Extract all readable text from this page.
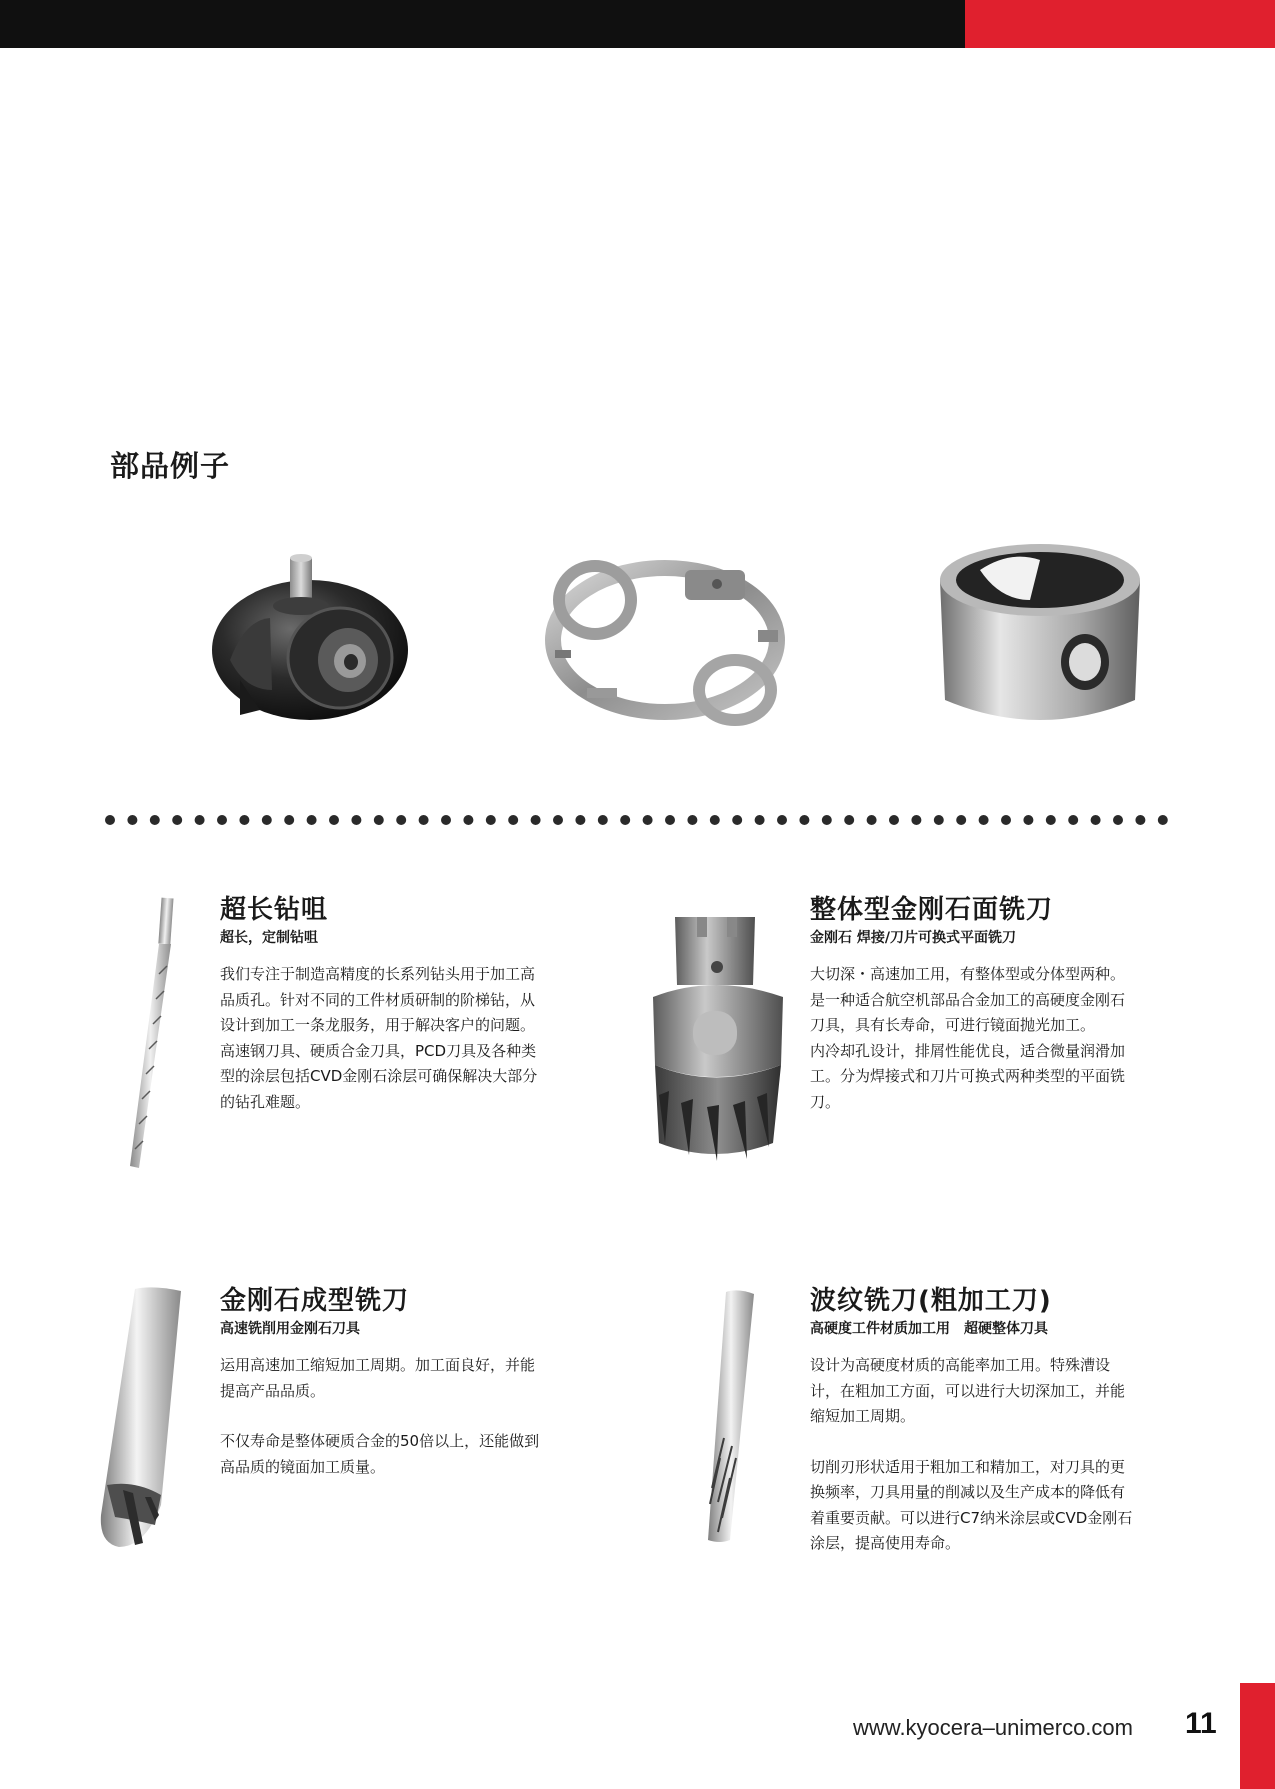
部品例子
超长钻咀
超长，定制钻咀

我们专注于制造高精度的长系列钻头用于加工高

品质孔。针对不同的工件材质研制的阶梯钻，从

设计到加工一条龙服务，用于解决客户的问题。

高速钢刀具、硬质合金刀具，PCD刀具及各种类

型的涂层包括CVD金刚石涂层可确保解决大部分

的钻孔难题。

整体型金刚石面铣刀
金刚石 焊接/刀片可换式平面铣刀

大切深・高速加工用，有整体型或分体型两种。

是一种适合航空机部品合金加工的高硬度金刚石

刀具，具有长寿命，可进行镜面抛光加工。

内冷却孔设计，排屑性能优良，适合微量润滑加

工。分为焊接式和刀片可换式两种类型的平面铣

刀。

金刚石成型铣刀
高速铣削用金刚石刀具

运用高速加工缩短加工周期。加工面良好，并能

提高产品品质。

不仅寿命是整体硬质合金的50倍以上，还能做到

高品质的镜面加工质量。

波纹铣刀(粗加工刀)
高硬度工件材质加工用　超硬整体刀具

设计为高硬度材质的高能率加工用。特殊漕设

计，在粗加工方面，可以进行大切深加工，并能

缩短加工周期。

切削刃形状适用于粗加工和精加工，对刀具的更

换频率，刀具用量的削减以及生产成本的降低有

着重要贡献。可以进行C7纳米涂层或CVD金刚石

涂层，提高使用寿命。

www.kyocera–unimerco.com 11
